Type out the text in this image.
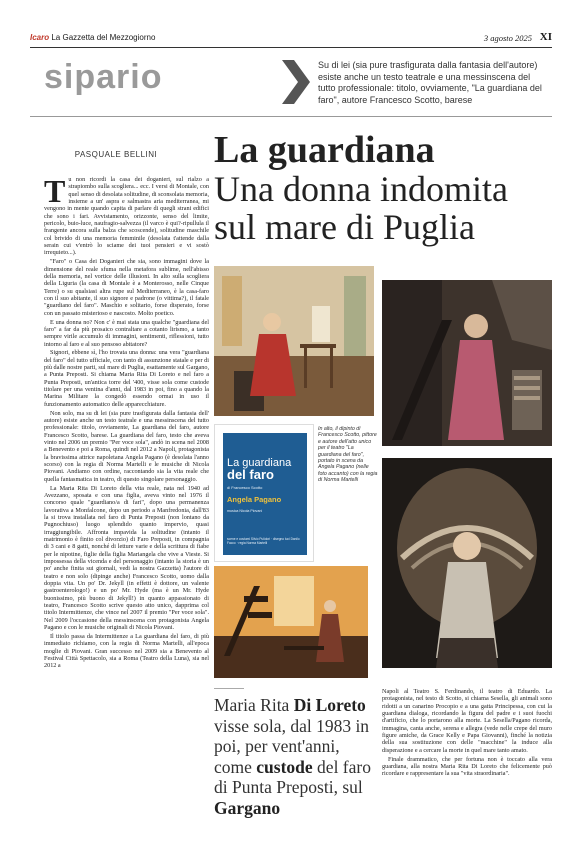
Icaro La Gazzetta del Mezzogiorno	3 agosto 2025 XI
sipario	Su di lei (sia pure trasfigurata dalla fantasia dell'autore) esiste anche un testo teatrale e una messinscena del tutto professionale: titolo, ovviamente, "La guardiana del faro", autore Francesco Scotto, barese
PASQUALE BELLINI

Tu non ricordi la casa dei doganieri, sul rialzo a strapiombo sulla scogliera... ecc. I versi di Montale, con quel senso di desolata solitudine, di sconsolata memoria, insieme a un' aspra e salmastra aria mediterranea, mi vengono in mente quando capita di parlare di quegli strani edifici che sono i fari. Avvistamento, orizzonte, senso del limite, pericolo, buio-luce, naufragio-salvezza (il varco è qui?-ripullula il frangente ancora sulla balza che scoscende), solitudine maschile col brivido di una memoria femminile (desolata t'attende dalla serain cui v'entrò lo sciame dei tuoi pensieri e vi sostò irrequieto...).

"Faro" o Casa dei Doganieri che sia, sono immagini dove la dimensione del reale sfuma nella metafora sublime, nell'abisso della memoria, nel vortice delle illusioni. In alto sulla scogliera della Liguria (la casa di Montale è a Monterosso, nelle Cinque Terre) o su qualsiasi altra rupe sul Mediterraneo, è la casa-faro con il suo abitante, il suo signore e padrone (o vittima?), il fatale "guardiano del faro". Maschio e solitario, forse disperato, forse con un passato misterioso e nascosto. Molto poetico.

E una donna no? Non c' è mai stata una qualche "guardiana del faro" a far da più prosaico contraltare a cotanto lirismo, a tanto sempre virile accumulo di immagini, sentimenti, riflessioni, tutto intorno al faro e al suo pensoso abitatore?

Signori, ebbene sì, l'ho trovata una donna: una vera "guardiana del faro" del tutto ufficiale, con tanto di assunzione statale e per di più dalle nostre parti, sul mare di Puglia, esattamente sul Gargano, a Punta Preposti. Si chiama Maria Rita Di Loreto e nel faro a Punta Preposti, un'antica torre del '400, visse sola come custode titolare per una ventina d'anni, dal 1983 in poi, fino a quando la Marina Militare la congedò essendo ormai in uso il funzionamento automatico delle apparecchiature.

Non solo, ma su di lei (sia pure trasfigurata dalla fantasia dell' autore) esiste anche un testo teatrale e una messinscena del tutto professionale: titolo, ovviamente, La guardiana del faro, autore Francesco Scotto, barese. La guardiana del faro, testo che aveva vinto nel 2006 un premio "Per voce sola", andò in scena nel 2008 a Benevento e poi a Roma, quindi nel 2012 a Napoli, protagonista la bravissima attrice napoletana Angela Pagano (è desolata l'anno scorso) con la regia di Norma Martelli e le musiche di Nicola Piovani. Andiamo con ordine, raccontando sia la vita reale che quella fantasmatica in teatro, di questo singolare personaggio.

La Maria Rita Di Loreto della vita reale, nata nel 1940 ad Avezzano, sposata e con una figlia, aveva vinto nel 1976 il concorso quale "guardiano/a di fari", dopo una permanenza lavorativa a Monfalcone, dopo un periodo a Manfredonia, dall'83 la si trova installata nel faro di Punta Preposti (non lontano da Pugnochiuso) luogo splendido quanto impervio, quasi irraggiungibile. Affronta impavida la solitudine (intanto il matrimonio è finito col divorzio) di Faro Preposti, in compagnia di 3 cani e 8 gatti, nonché di letture varie e della scrittura di fiabe per le nipotine, figlie della figlia Mariangela che vive a Vieste. Si impossessa della vicenda e del personaggio (intanto la storia è un po' anche finita sui giornali, vedi la nostra Gazzetta) l'autore di teatro e non solo (dipinge anche) Francesco Scotto, uomo dalla doppia vita. Un po' Dr. Jekyll (in effetti è dottore, un valente gastroenterologo!) e un po' Mr. Hyde (ma è un Mr. Hyde buonissimo, più buono di Jekyll!) in quanto appassionato di teatro, Francesco Scotto scrive questo atto unico, dapprima col titolo Intermittenze, che vince nel 2007 il premio "Per voce sola". Nel 2009 l'occasione della messinscena con protagonista Angela Pagano e con le musiche originali di Nicola Piovani.

Il titolo passa da Intermittenze a La guardiana del faro, di più immediato richiamo, con la regia di Norma Martelli, all'epoca moglie di Piovani. Gran successo nel 2009 sia a Benevento al Festival Città Spettacolo, sia a Roma (Teatro della Luna), sia nel 2012 a

La guardiana
Una donna indomita sul mare di Puglia
La guardiana
del faro
di Francesco Scotto
Angela Pagano
musica Nicola Piovani
scene e costumi Silvio Pulidori · disegno luci Danilo Facco · regia Norma Martelli
In alto, il dipinto di Francesco Scotto, pittore e autore dell'atto unico per il teatro "La guardiana del faro", portato in scena da Angela Pagano (nelle foto accanto) con la regia di Norma Martelli
Maria Rita Di Loreto visse sola, dal 1983 in poi, per vent'anni, come custode del faro di Punta Preposti, sul Gargano

Napoli al Teatro S. Ferdinando, il teatro di Eduardo. La protagonista, nel testo di Scotto, si chiama Sesella, gli animali sono ridotti a un canarino Procopio e a una gatta Principessa, con cui la guardiana dialoga, ricordando la figura del padre e i suoi fuochi d'artificio, che lo portarono alla morte. La Sesella/Pagano ricorda, immagina, canta anche, serena e allegra (vede nelle crepe del muro figure amiche, da Grace Kelly e Papa Giovanni), finché la notizia della sua sostituzione con delle "macchine" la induce alla disperazione e a cercare la morte in quel mare tanto amato.

Finale drammatico, che per fortuna non è toccato alla vera guardiana, alla nostra Maria Rita Di Loreto che felicemente può ricordare e rappresentare la sua "vita straordinaria".
